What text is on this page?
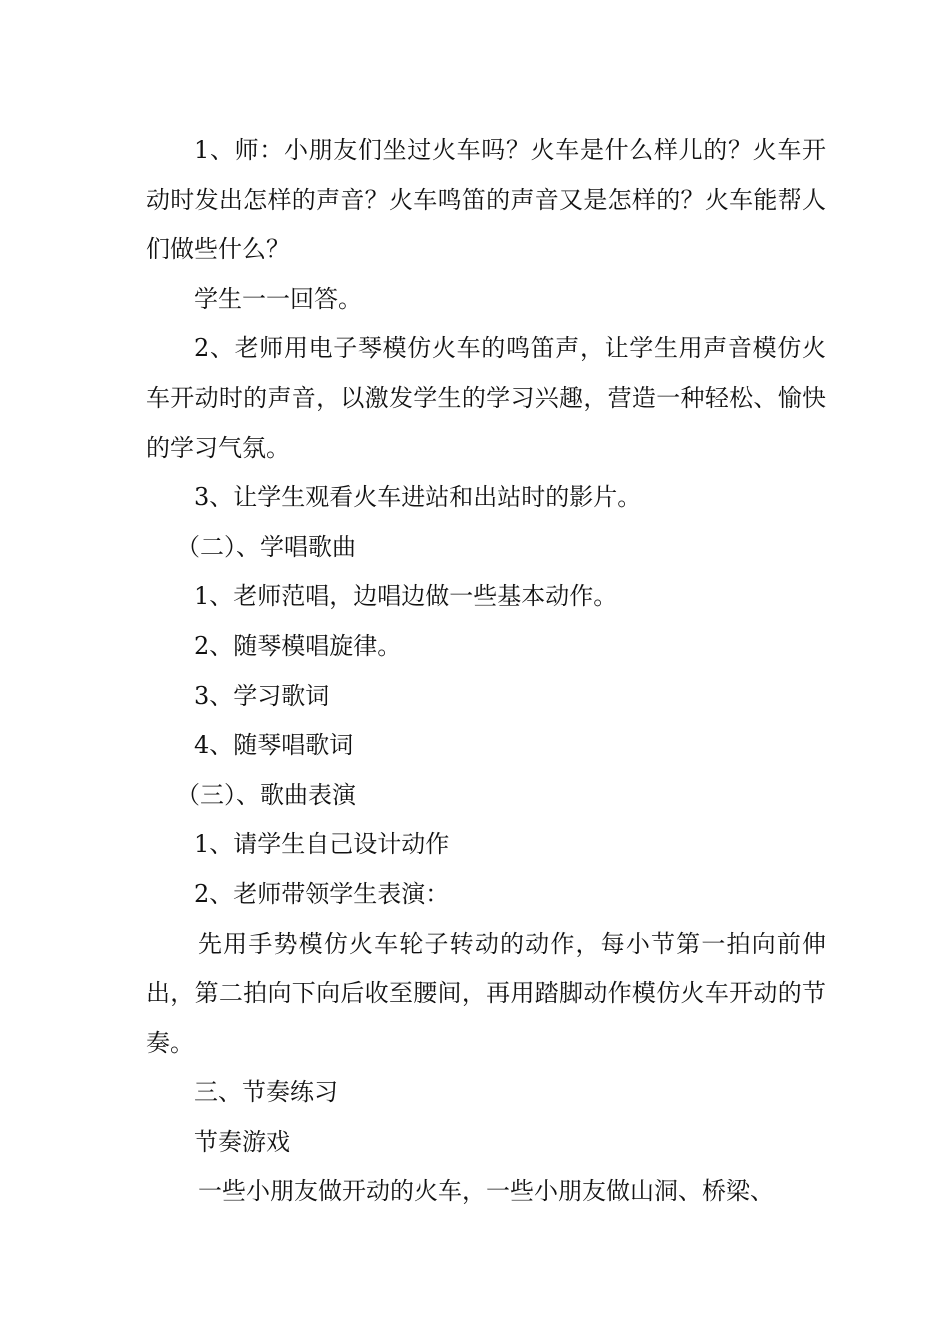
1、师：小朋友们坐过火车吗？火车是什么样儿的？火车开动时发出怎样的声音？火车鸣笛的声音又是怎样的？火车能帮人们做些什么？

学生一一回答。

2、老师用电子琴模仿火车的鸣笛声，让学生用声音模仿火车开动时的声音，以激发学生的学习兴趣，营造一种轻松、愉快的学习气氛。

3、让学生观看火车进站和出站时的影片。

（二）、学唱歌曲

1、老师范唱，边唱边做一些基本动作。

2、随琴模唱旋律。

3、学习歌词

4、随琴唱歌词

（三）、歌曲表演

1、请学生自己设计动作

2、老师带领学生表演：

先用手势模仿火车轮子转动的动作，每小节第一拍向前伸出，第二拍向下向后收至腰间，再用踏脚动作模仿火车开动的节奏。

三、节奏练习

节奏游戏

一些小朋友做开动的火车，一些小朋友做山洞、桥梁、
